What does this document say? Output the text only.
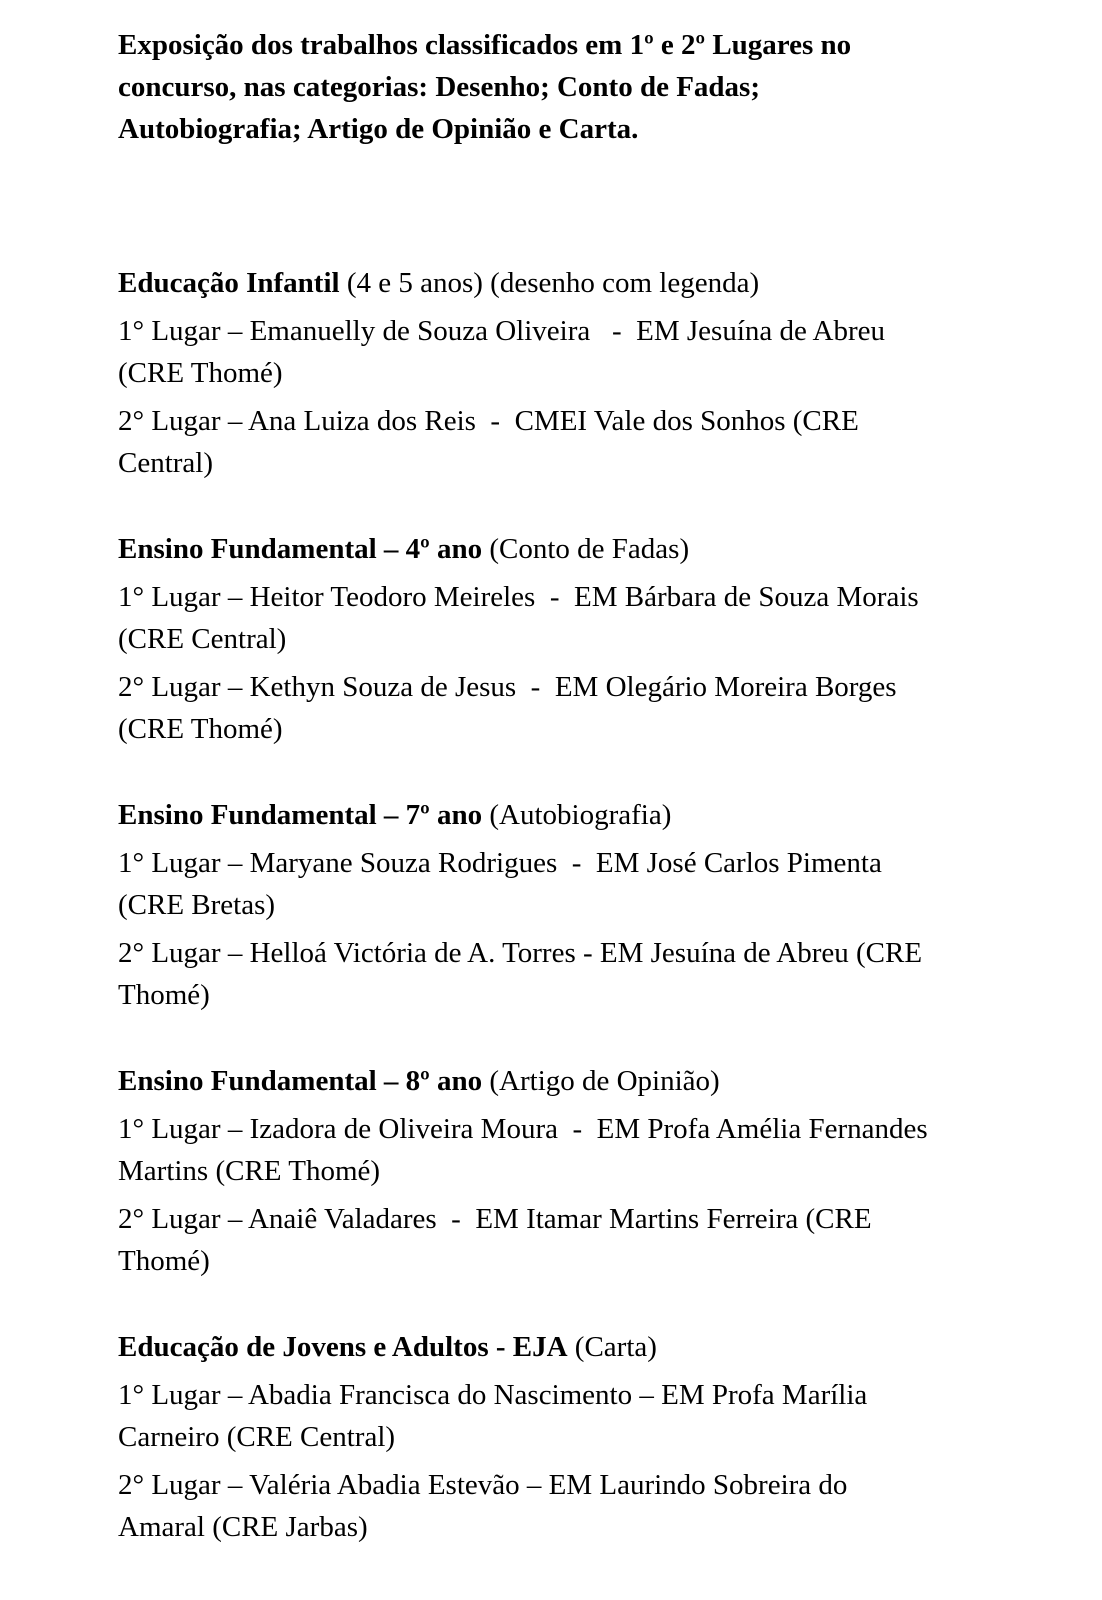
Exposição dos trabalhos classificados em 1º e 2º Lugares no concurso, nas categorias: Desenho; Conto de Fadas; Autobiografia; Artigo de Opinião e Carta.

Educação Infantil (4 e 5 anos) (desenho com legenda)

1° Lugar – Emanuelly de Souza Oliveira   -  EM Jesuína de Abreu (CRE Thomé)

2° Lugar – Ana Luiza dos Reis  -  CMEI Vale dos Sonhos (CRE Central)

Ensino Fundamental – 4º ano (Conto de Fadas)

1° Lugar – Heitor Teodoro Meireles  -  EM Bárbara de Souza Morais (CRE Central)

2° Lugar – Kethyn Souza de Jesus  -  EM Olegário Moreira Borges (CRE Thomé)

Ensino Fundamental – 7º ano (Autobiografia)

1° Lugar – Maryane Souza Rodrigues  -  EM José Carlos Pimenta (CRE Bretas)

2° Lugar – Helloá Victória de A. Torres - EM Jesuína de Abreu (CRE Thomé)

Ensino Fundamental – 8º ano (Artigo de Opinião)

1° Lugar – Izadora de Oliveira Moura  -  EM Profa Amélia Fernandes Martins (CRE Thomé)

2° Lugar – Anaiê Valadares  -  EM Itamar Martins Ferreira (CRE Thomé)

Educação de Jovens e Adultos - EJA (Carta)

1° Lugar – Abadia Francisca do Nascimento – EM Profa Marília Carneiro (CRE Central)

2° Lugar – Valéria Abadia Estevão – EM Laurindo Sobreira do Amaral (CRE Jarbas)
